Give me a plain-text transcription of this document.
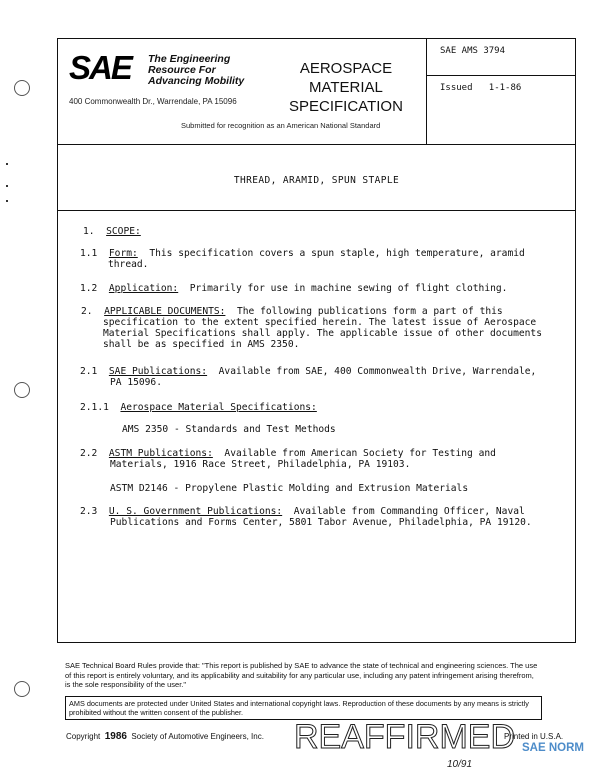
SAE The Engineering
Resource For
Advancing Mobility
400 Commonwealth Dr., Warrendale, PA 15096
AEROSPACE
MATERIAL
SPECIFICATION
Submitted for recognition as an American National Standard
SAE AMS 3794
Issued 1-1-86
THREAD, ARAMID, SPUN STAPLE
1. SCOPE:
1.1 Form: This specification covers a spun staple, high temperature, aramid
thread.
1.2 Application: Primarily for use in machine sewing of flight clothing.
2. APPLICABLE DOCUMENTS: The following publications form a part of this
specification to the extent specified herein. The latest issue of Aerospace
Material Specifications shall apply. The applicable issue of other documents
shall be as specified in AMS 2350.
2.1 SAE Publications: Available from SAE, 400 Commonwealth Drive, Warrendale,
PA 15096.
2.1.1 Aerospace Material Specifications:
AMS 2350 - Standards and Test Methods
2.2 ASTM Publications: Available from American Society for Testing and
Materials, 1916 Race Street, Philadelphia, PA 19103.
ASTM D2146 - Propylene Plastic Molding and Extrusion Materials
2.3 U. S. Government Publications: Available from Commanding Officer, Naval
Publications and Forms Center, 5801 Tabor Avenue, Philadelphia, PA 19120.
SAE Technical Board Rules provide that: "This report is published by SAE to advance the state of technical and engineering sciences. The use of this report is entirely voluntary, and its applicability and suitability for any particular use, including any patent infringement arising therefrom, is the sole responsibility of the user."
AMS documents are protected under United States and international copyright laws. Reproduction of these documents by any means is strictly prohibited without the written consent of the publisher.
Copyright 1986 Society of Automotive Engineers, Inc. REAFFIRMED
Printed in U.S.A.
SAE NORM
10/91
